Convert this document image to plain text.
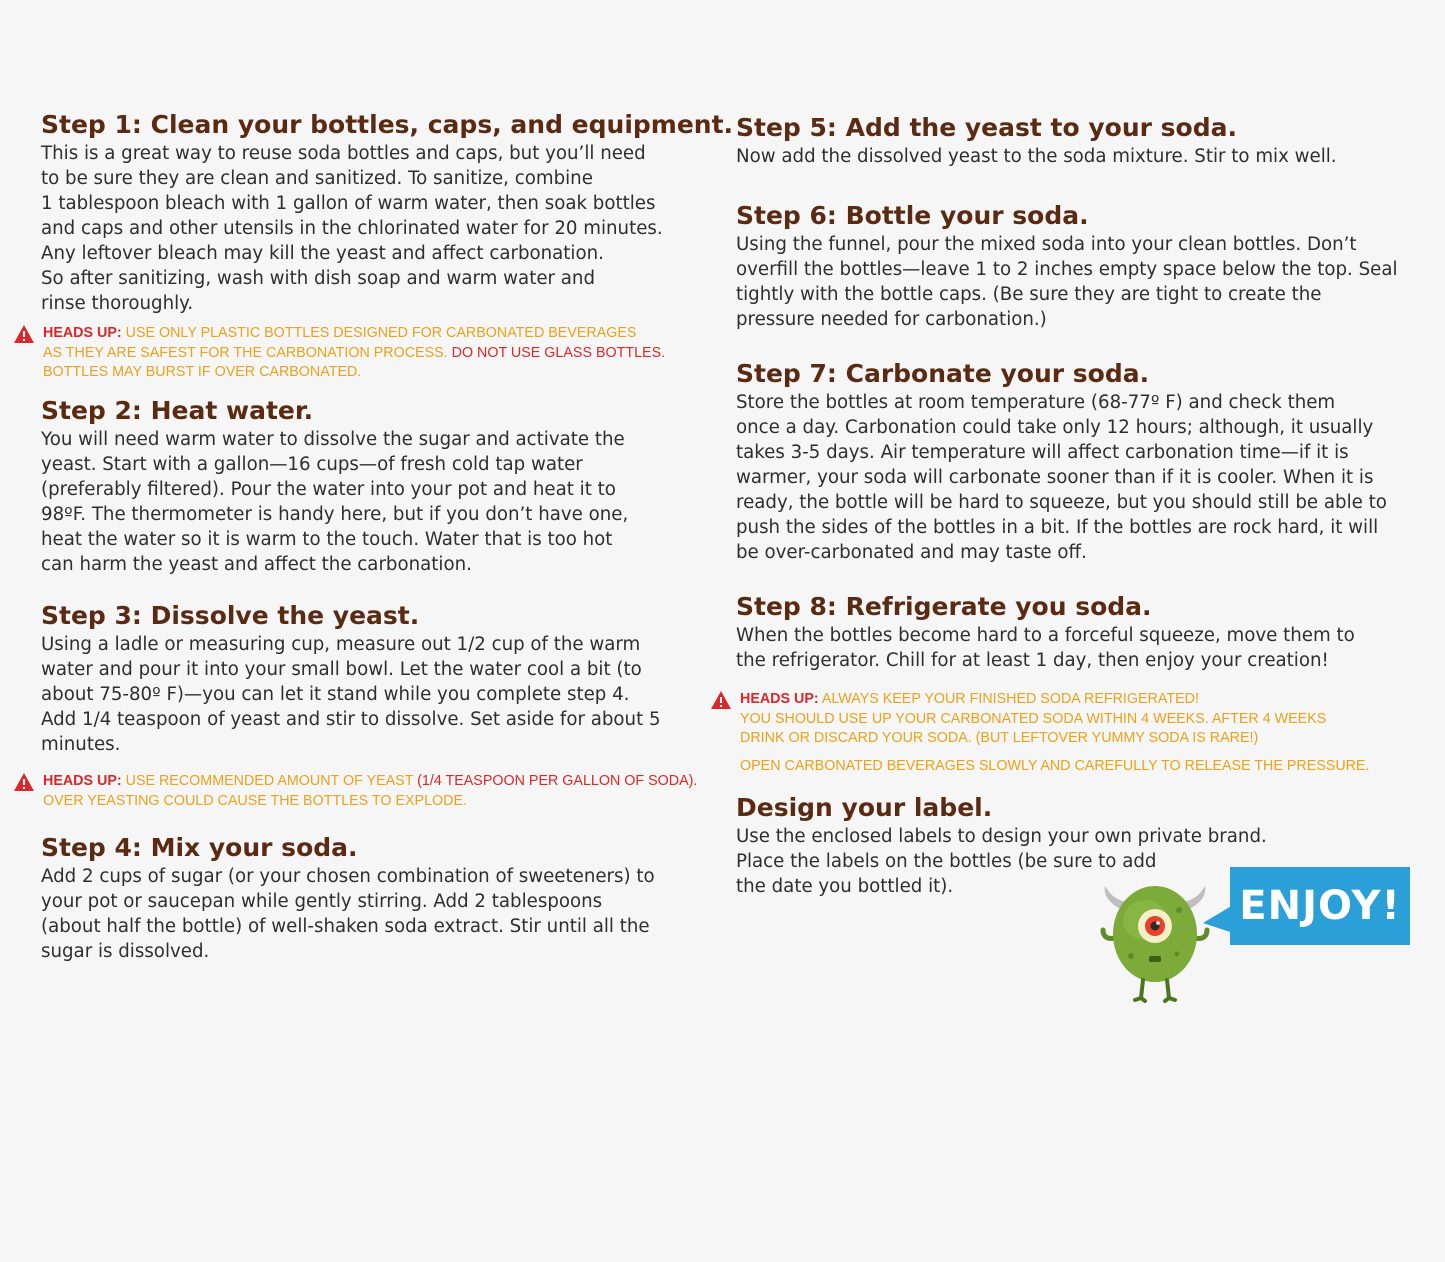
Step 1: Clean your bottles, caps, and equipment.

This is a great way to reuse soda bottles and caps, but you’ll need
to be sure they are clean and sanitized. To sanitize, combine
1 tablespoon bleach with 1 gallon of warm water, then soak bottles
and caps and other utensils in the chlorinated water for 20 minutes.
Any leftover bleach may kill the yeast and affect carbonation.
So after sanitizing, wash with dish soap and warm water and
rinse thoroughly.

HEADS UP: USE ONLY PLASTIC BOTTLES DESIGNED FOR CARBONATED BEVERAGES
AS THEY ARE SAFEST FOR THE CARBONATION PROCESS. DO NOT USE GLASS BOTTLES.
BOTTLES MAY BURST IF OVER CARBONATED.
Step 2: Heat water.

You will need warm water to dissolve the sugar and activate the
yeast. Start with a gallon—16 cups—of fresh cold tap water
(preferably filtered). Pour the water into your pot and heat it to
98ºF. The thermometer is handy here, but if you don’t have one,
heat the water so it is warm to the touch. Water that is too hot
can harm the yeast and affect the carbonation.

Step 3: Dissolve the yeast.

Using a ladle or measuring cup, measure out 1/2 cup of the warm
water and pour it into your small bowl. Let the water cool a bit (to
about 75-80º F)—you can let it stand while you complete step 4.
Add 1/4 teaspoon of yeast and stir to dissolve. Set aside for about 5
minutes.

HEADS UP: USE RECOMMENDED AMOUNT OF YEAST (1/4 TEASPOON PER GALLON OF SODA).
OVER YEASTING COULD CAUSE THE BOTTLES TO EXPLODE.
Step 4: Mix your soda.

Add 2 cups of sugar (or your chosen combination of sweeteners) to
your pot or saucepan while gently stirring. Add 2 tablespoons
(about half the bottle) of well-shaken soda extract. Stir until all the
sugar is dissolved.

Step 5: Add the yeast to your soda.

Now add the dissolved yeast to the soda mixture. Stir to mix well.

Step 6: Bottle your soda.

Using the funnel, pour the mixed soda into your clean bottles. Don’t
overfill the bottles—leave 1 to 2 inches empty space below the top. Seal
tightly with the bottle caps. (Be sure they are tight to create the
pressure needed for carbonation.)

Step 7: Carbonate your soda.

Store the bottles at room temperature (68-77º F) and check them
once a day. Carbonation could take only 12 hours; although, it usually
takes 3-5 days. Air temperature will affect carbonation time—if it is
warmer, your soda will carbonate sooner than if it is cooler. When it is
ready, the bottle will be hard to squeeze, but you should still be able to
push the sides of the bottles in a bit. If the bottles are rock hard, it will
be over-carbonated and may taste off.

Step 8: Refrigerate you soda.

When the bottles become hard to a forceful squeeze, move them to
the refrigerator. Chill for at least 1 day, then enjoy your creation!

HEADS UP: ALWAYS KEEP YOUR FINISHED SODA REFRIGERATED!
YOU SHOULD USE UP YOUR CARBONATED SODA WITHIN 4 WEEKS. AFTER 4 WEEKS
DRINK OR DISCARD YOUR SODA. (BUT LEFTOVER YUMMY SODA IS RARE!)
OPEN CARBONATED BEVERAGES SLOWLY AND CAREFULLY TO RELEASE THE PRESSURE.
Design your label.

Use the enclosed labels to design your own private brand.
Place the labels on the bottles (be sure to add
the date you bottled it).	ENJOY!
